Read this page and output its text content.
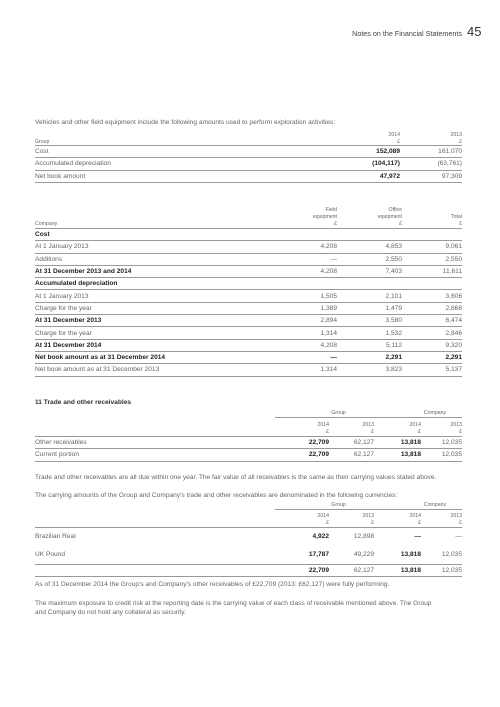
Notes on the Financial Statements 45
Vehicles and other field equipment include the following amounts used to perform exploration activities:
	2014	2013
Group	£	£
Cost	152,089	161,070
Accumulated depreciation	(104,117)	(63,761)
Net book amount	47,972	97,309
	Field	Office	
	equipment	equipment	Total
Company	£	£	£
Cost			
At 1 January 2013	4,208	4,853	9,061
Additions	—	2,550	2,550
At 31 December 2013 and 2014	4,208	7,403	11,611
Accumulated depreciation			
At 1 January 2013	1,505	2,101	3,606
Charge for the year	1,389	1,479	2,868
At 31 December 2013	2,894	3,580	6,474
Charge for the year	1,314	1,532	2,846
At 31 December 2014	4,208	5,112	9,320
Net book amount as at 31 December 2014	—	2,291	2,291
Net book amount as at 31 December 2013	1,314	3,823	5,137
11 Trade and other receivables
	Group	Company
	2014	2013	2014	2013
	£	£	£	£
Other receivables	22,709	62,127	13,818	12,035
Current portion	22,709	62,127	13,818	12,035
Trade and other receivables are all due within one year. The fair value of all receivables is the same as their carrying values stated above.
The carrying amounts of the Group and Company's trade and other receivables are denominated in the following currencies:
	Group	Company
	2014	2013	2014	2013
	£	£	£	£
Brazilian Real	4,922	12,898	—	—
UK Pound	17,787	49,229	13,818	12,035
	22,709	62,127	13,818	12,035
As of 31 December 2014 the Group's and Company's other receivables of £22,709 (2013: £62,127) were fully performing.
The maximum exposure to credit risk at the reporting date is the carrying value of each class of receivable mentioned above. The Group
and Company do not hold any collateral as security.
